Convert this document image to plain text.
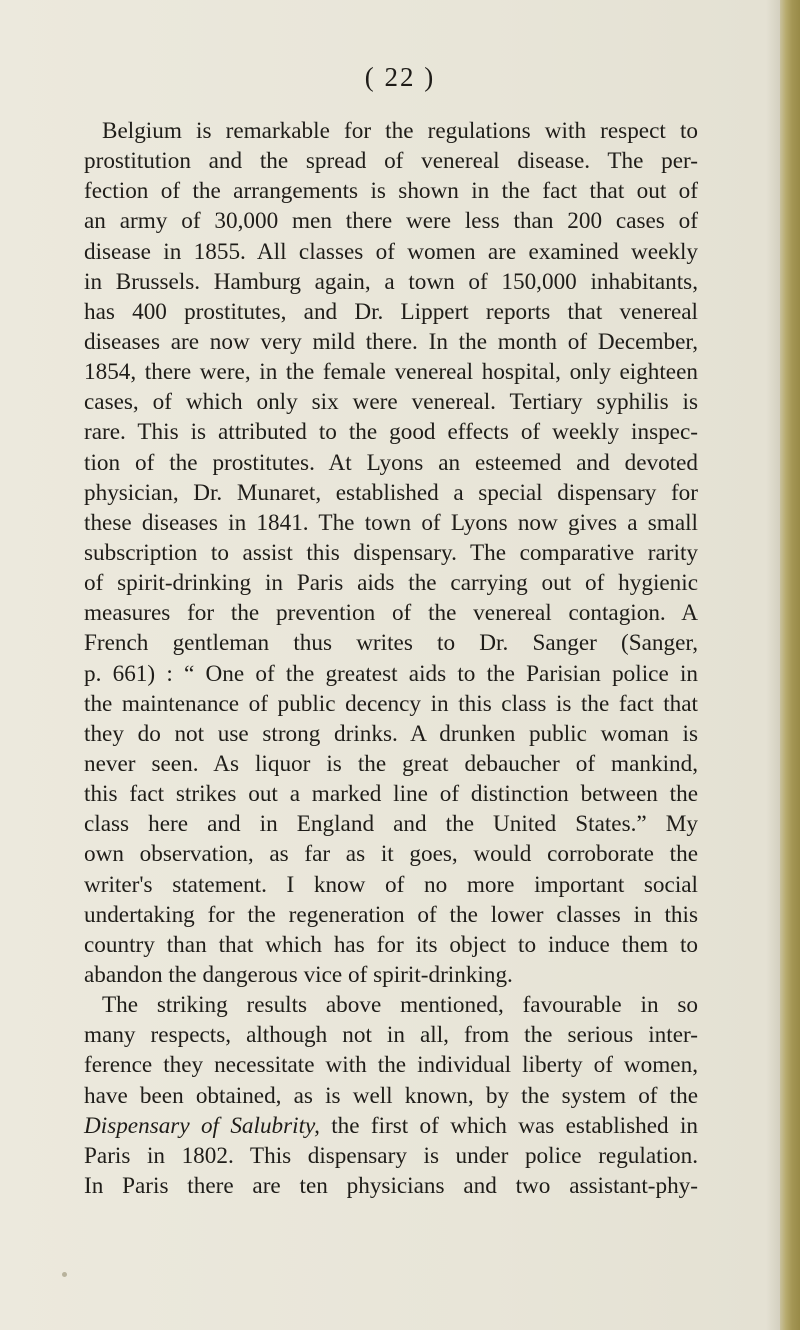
( 22 )
Belgium is remarkable for the regulations with respect to
prostitution and the spread of venereal disease. The per-
fection of the arrangements is shown in the fact that out of
an army of 30,000 men there were less than 200 cases of
disease in 1855. All classes of women are examined weekly
in Brussels. Hamburg again, a town of 150,000 inhabitants,
has 400 prostitutes, and Dr. Lippert reports that venereal
diseases are now very mild there. In the month of December,
1854, there were, in the female venereal hospital, only eighteen
cases, of which only six were venereal. Tertiary syphilis is
rare. This is attributed to the good effects of weekly inspec-
tion of the prostitutes. At Lyons an esteemed and devoted
physician, Dr. Munaret, established a special dispensary for
these diseases in 1841. The town of Lyons now gives a small
subscription to assist this dispensary. The comparative rarity
of spirit-drinking in Paris aids the carrying out of hygienic
measures for the prevention of the venereal contagion. A
French gentleman thus writes to Dr. Sanger (Sanger,
p. 661) : “ One of the greatest aids to the Parisian police in
the maintenance of public decency in this class is the fact that
they do not use strong drinks. A drunken public woman is
never seen. As liquor is the great debaucher of mankind,
this fact strikes out a marked line of distinction between the
class here and in England and the United States.” My
own observation, as far as it goes, would corroborate the
writer's statement. I know of no more important social
undertaking for the regeneration of the lower classes in this
country than that which has for its object to induce them to
abandon the dangerous vice of spirit-drinking.
The striking results above mentioned, favourable in so
many respects, although not in all, from the serious inter-
ference they necessitate with the individual liberty of women,
have been obtained, as is well known, by the system of the
Dispensary of Salubrity, the first of which was established in
Paris in 1802. This dispensary is under police regulation.
In Paris there are ten physicians and two assistant-phy-
